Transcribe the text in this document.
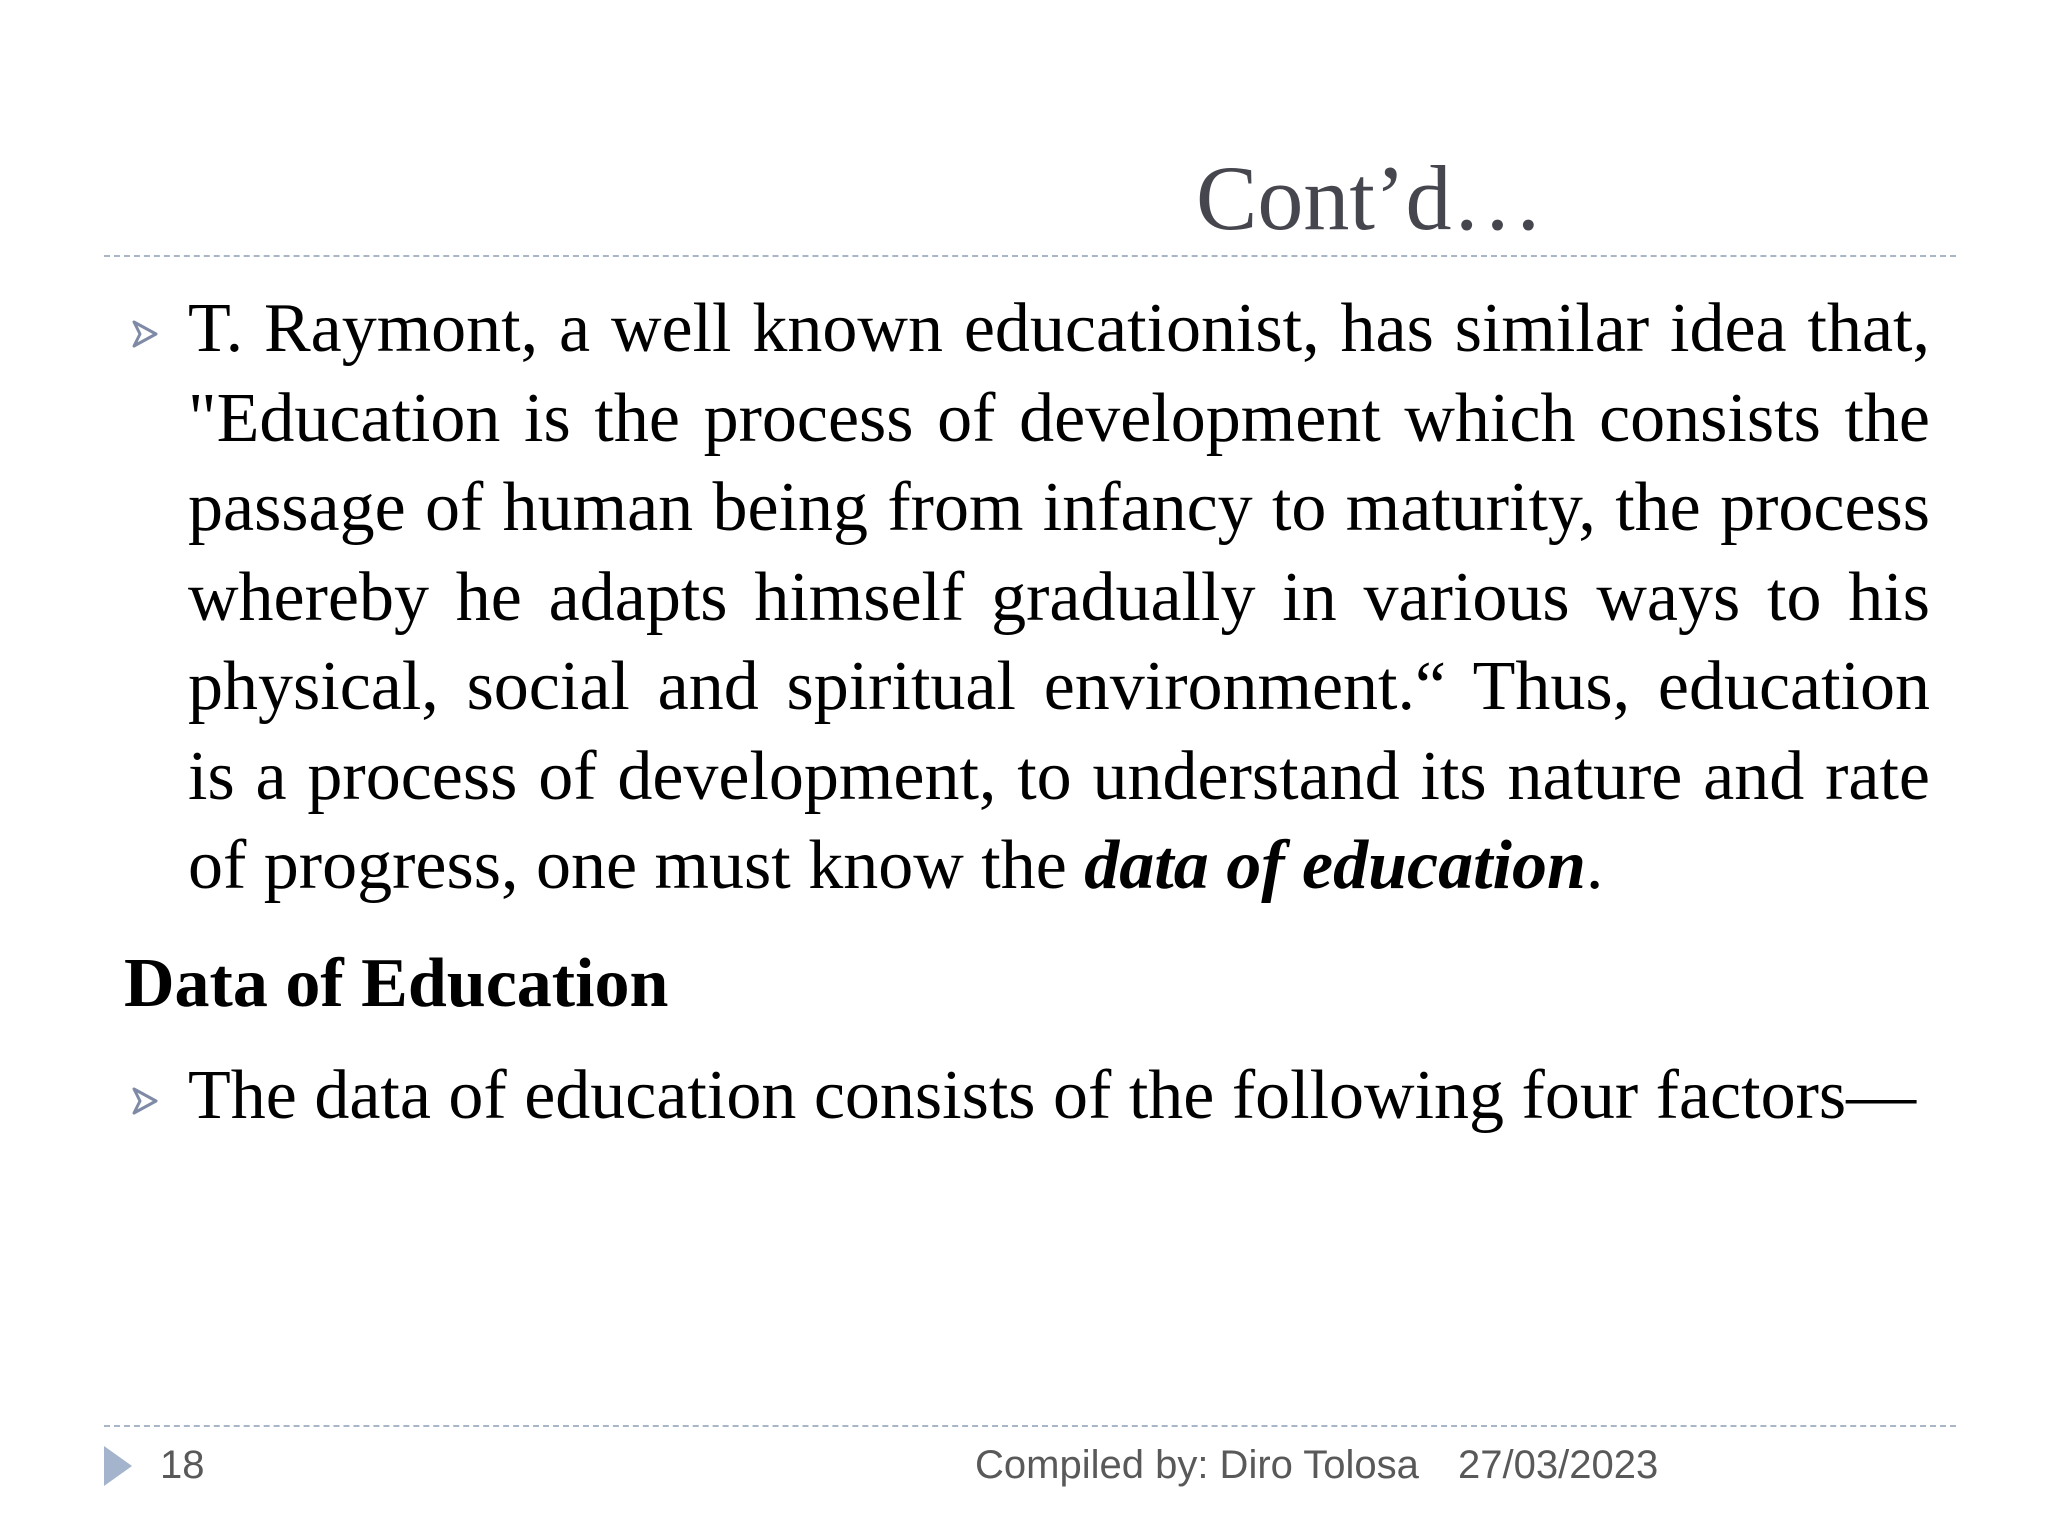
Cont’d…
T. Raymont, a well known educationist, has similar idea that, "Education is the process of development which consists the passage of human being from infancy to maturity, the process whereby he adapts himself gradually in various ways to his physical, social and spiritual environment.“ Thus, education is a process of development, to understand its nature and rate of progress, one must know the data of education.
Data of Education
The data of education consists of the following four factors—
18	Compiled by: Diro Tolosa 27/03/2023
